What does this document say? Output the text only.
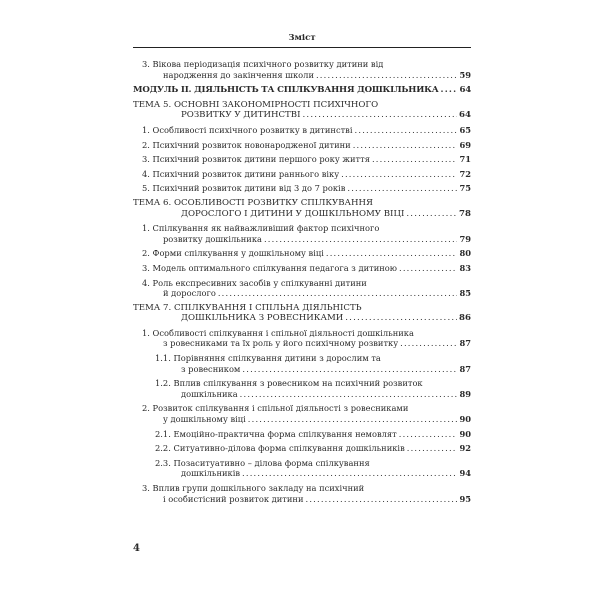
Зміст
3. Вікова періодизація психічного розвитку дитини від
народження до закінчення школи .....	59
МОДУЛЬ ІІ. ДІЯЛЬНІСТЬ ТА СПІЛКУВАННЯ ДОШКІЛЬНИКА ..... 64
ТЕМА 5. ОСНОВНІ ЗАКОНОМІРНОСТІ ПСИХІЧНОГО
РОЗВИТКУ У ДИТИНСТВІ .....	64
1. Особливості психічного розвитку в дитинстві .....	65
2. Психічний розвиток новонародженої дитини .....	69
3. Психічний розвиток дитини першого року життя .....	71
4. Психічний розвиток дитини раннього віку .....	72
5. Психічний розвиток дитини від 3 до 7 років .....	75
ТЕМА 6. ОСОБЛИВОСТІ РОЗВИТКУ СПІЛКУВАННЯ
ДОРОСЛОГО І ДИТИНИ У ДОШКІЛЬНОМУ ВІЦІ .....	78
1. Спілкування як найважливіший фактор психічного
розвитку дошкільника .....	79
2. Форми спілкування у дошкільному віці .....	80
3. Модель оптимального спілкування педагога з дитиною .....	83
4. Роль експресивних засобів у спілкуванні дитини
й дорослого .....	85
ТЕМА 7. СПІЛКУВАННЯ І СПІЛЬНА ДІЯЛЬНІСТЬ
ДОШКІЛЬНИКА З РОВЕСНИКАМИ .....	86
1. Особливості спілкування і спільної діяльності дошкільника
з ровесниками та їх роль у його психічному розвитку .....	87
1.1. Порівняння спілкування дитини з дорослим та
з ровесником .....	87
1.2. Вплив спілкування з ровесником на психічний розвиток
дошкільника .....	89
2. Розвиток спілкування і спільної діяльності з ровесниками
у дошкільному віці .....	90
2.1. Емоційно-практична форма спілкування немовлят .....	90
2.2. Ситуативно-ділова форма спілкування дошкільників .....	92
2.3. Позаситуативно – ділова форма спілкування
дошкільників .....	94
3. Вплив групи дошкільного закладу на психічний
і особистісний розвиток дитини .....	95
4
